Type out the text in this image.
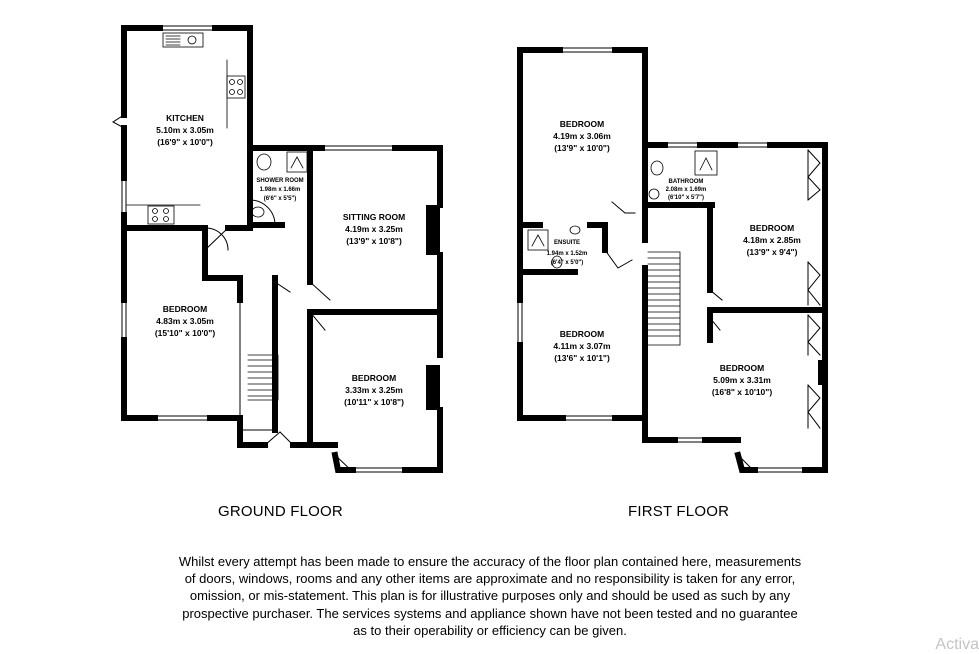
KITCHEN
5.10m x 3.05m
(16'9" x 10'0")
SHOWER ROOM
1.98m x 1.66m
(6'6" x 5'5")
SITTING ROOM
4.19m x 3.25m
(13'9" x 10'8")
BEDROOM
4.83m x 3.05m
(15'10" x 10'0")
BEDROOM
3.33m x 3.25m
(10'11" x 10'8")
BEDROOM
4.19m x 3.06m
(13'9" x 10'0")
BATHROOM
2.08m x 1.69m
(6'10" x 5'7")
BEDROOM
4.18m x 2.85m
(13'9" x 9'4")
ENSUITE
1.94m x 1.52m
(6'4" x 5'0")
BEDROOM
4.11m x 3.07m
(13'6" x 10'1")
BEDROOM
5.09m x 3.31m
(16'8" x 10'10")
GROUND FLOOR	FIRST FLOOR

Whilst every attempt has been made to ensure the accuracy of the floor plan contained here, measurements
of doors, windows, rooms and any other items are approximate and no responsibility is taken for any error,
omission, or mis-statement. This plan is for illustrative purposes only and should be used as such by any
prospective purchaser. The services systems and appliance shown have not been tested and no guarantee
as to their operability or efficiency can be given.

Activa
